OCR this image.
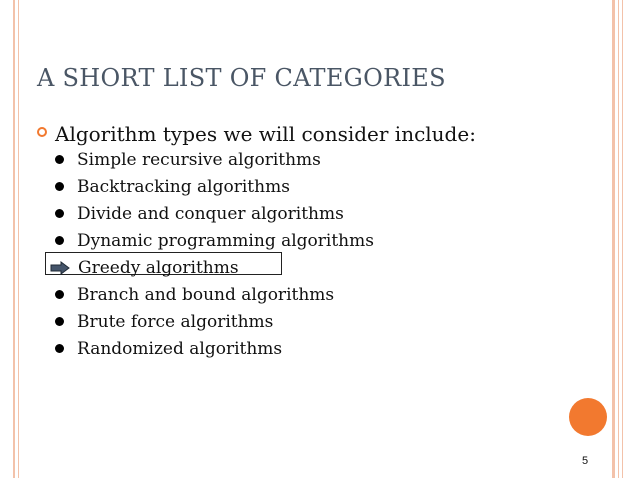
A SHORT LIST OF CATEGORIES
Algorithm types we will consider include:
Simple recursive algorithms
Backtracking algorithms
Divide and conquer algorithms
Dynamic programming algorithms
Greedy algorithms
Branch and bound algorithms
Brute force algorithms
Randomized algorithms
5
